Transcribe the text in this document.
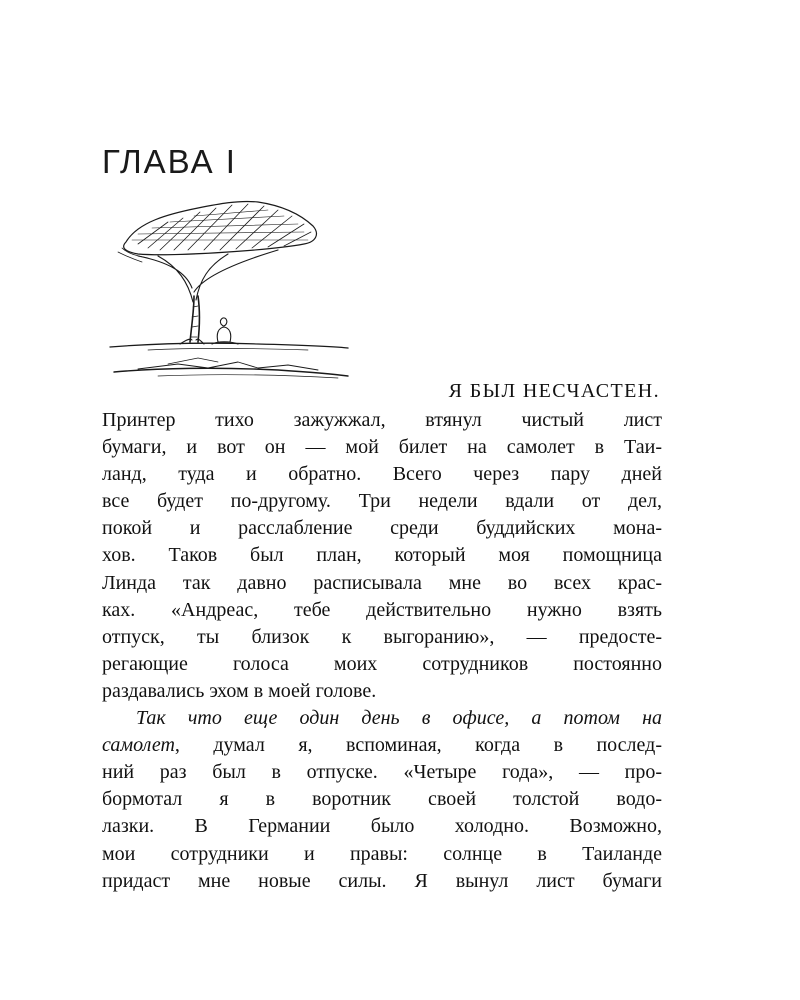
ГЛАВА I
Я БЫЛ НЕСЧАСТЕН.
Принтер тихо зажужжал, втянул чистый лист
бумаги, и вот он — мой билет на самолет в Таи-
ланд, туда и обратно. Всего через пару дней
все будет по-другому. Три недели вдали от дел,
покой и расслабление среди буддийских мона-
хов. Таков был план, который моя помощница
Линда так давно расписывала мне во всех крас-
ках. «Андреас, тебе действительно нужно взять
отпуск, ты близок к выгоранию», — предосте-
регающие голоса моих сотрудников постоянно
раздавались эхом в моей голове.
Так что еще один день в офисе, а потом на
самолет, думал я, вспоминая, когда в послед-
ний раз был в отпуске. «Четыре года», — про-
бормотал я в воротник своей толстой водо-
лазки. В Германии было холодно. Возможно,
мои сотрудники и правы: солнце в Таиланде
придаст мне новые силы. Я вынул лист бумаги
